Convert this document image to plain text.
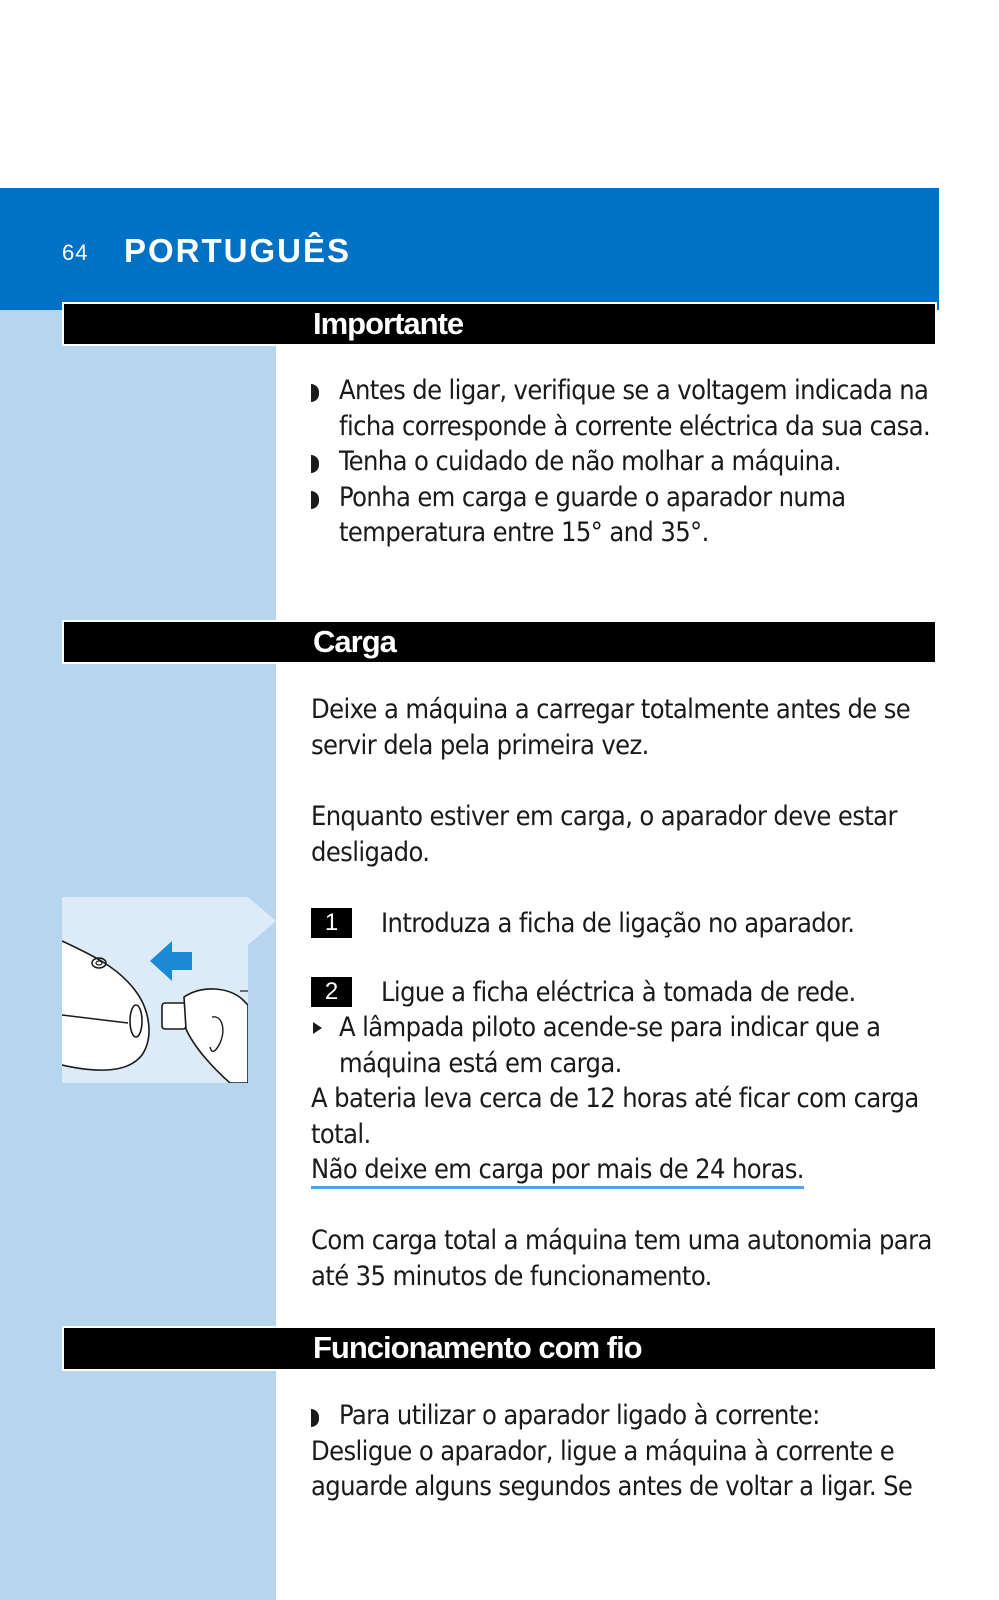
64 PORTUGUÊS
Importante
Antes de ligar, verifique se a voltagem indicada na ficha corresponde à corrente eléctrica da sua casa.
Tenha o cuidado de não molhar a máquina.
Ponha em carga e guarde o aparador numa temperatura entre 15° and 35°.
Carga
Deixe a máquina a carregar totalmente antes de se servir dela pela primeira vez.
Enquanto estiver em carga, o aparador deve estar desligado.
1	Introduza a ficha de ligação no aparador.
2	Ligue a ficha eléctrica à tomada de rede.
A lâmpada piloto acende-se para indicar que a máquina está em carga.
A bateria leva cerca de 12 horas até ficar com carga total.
Não deixe em carga por mais de 24 horas.
Com carga total a máquina tem uma autonomia para até 35 minutos de funcionamento.
Funcionamento com fio
Para utilizar o aparador ligado à corrente:
Desligue o aparador, ligue a máquina à corrente e aguarde alguns segundos antes de voltar a ligar. Se
